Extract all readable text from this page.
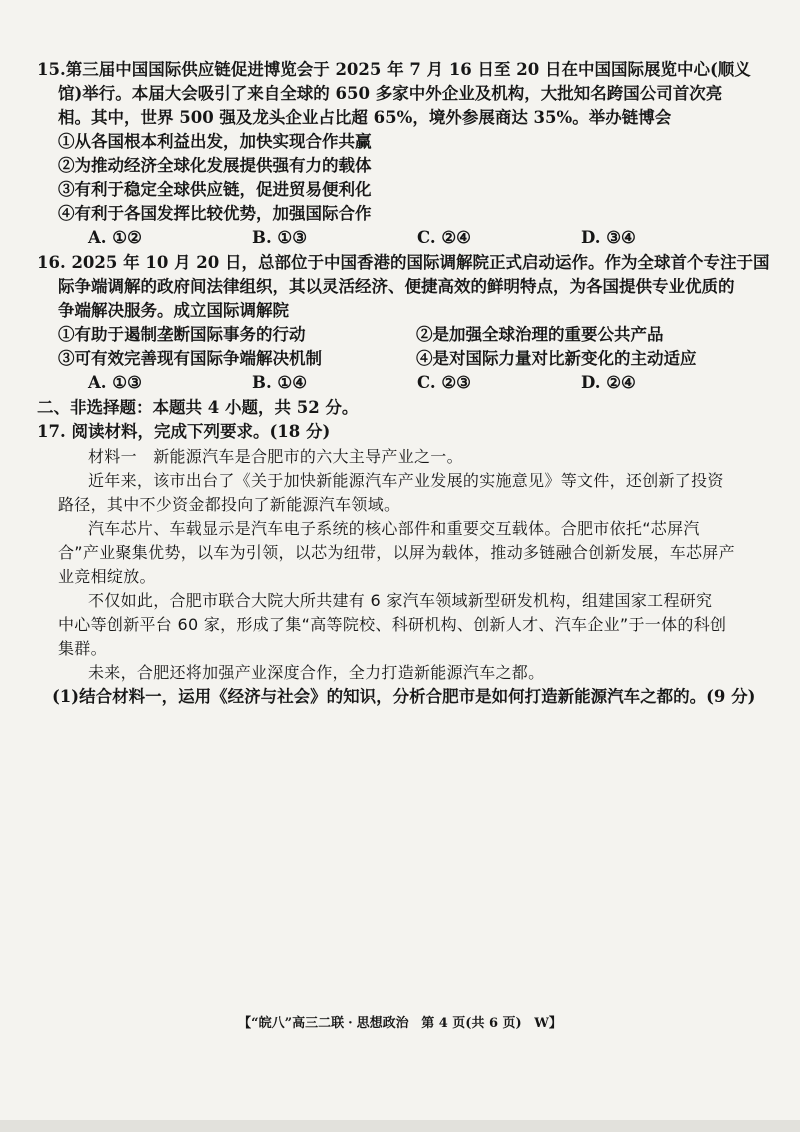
15.第三届中国国际供应链促进博览会于 2025 年 7 月 16 日至 20 日在中国国际展览中心(顺义
馆)举行。本届大会吸引了来自全球的 650 多家中外企业及机构，大批知名跨国公司首次亮
相。其中，世界 500 强及龙头企业占比超 65%，境外参展商达 35%。举办链博会
①从各国根本利益出发，加快实现合作共赢
②为推动经济全球化发展提供强有力的载体
③有利于稳定全球供应链，促进贸易便利化
④有利于各国发挥比较优势，加强国际合作
A. ①②	B. ①③	C. ②④	D. ③④
16. 2025 年 10 月 20 日，总部位于中国香港的国际调解院正式启动运作。作为全球首个专注于国
际争端调解的政府间法律组织，其以灵活经济、便捷高效的鲜明特点，为各国提供专业优质的
争端解决服务。成立国际调解院
①有助于遏制垄断国际事务的行动	②是加强全球治理的重要公共产品
③可有效完善现有国际争端解决机制	④是对国际力量对比新变化的主动适应
A. ①③	B. ①④	C. ②③	D. ②④
二、非选择题：本题共 4 小题，共 52 分。
17. 阅读材料，完成下列要求。(18 分)
材料一　新能源汽车是合肥市的六大主导产业之一。
近年来，该市出台了《关于加快新能源汽车产业发展的实施意见》等文件，还创新了投资
路径，其中不少资金都投向了新能源汽车领域。
汽车芯片、车载显示是汽车电子系统的核心部件和重要交互载体。合肥市依托“芯屏汽
合”产业聚集优势，以车为引领，以芯为纽带，以屏为载体，推动多链融合创新发展，车芯屏产
业竞相绽放。
不仅如此，合肥市联合大院大所共建有 6 家汽车领域新型研发机构，组建国家工程研究
中心等创新平台 60 家，形成了集“高等院校、科研机构、创新人才、汽车企业”于一体的科创
集群。
未来，合肥还将加强产业深度合作，全力打造新能源汽车之都。
(1)结合材料一，运用《经济与社会》的知识，分析合肥市是如何打造新能源汽车之都的。(9 分)
【“皖八”高三二联 · 思想政治 第 4 页(共 6 页) W】
